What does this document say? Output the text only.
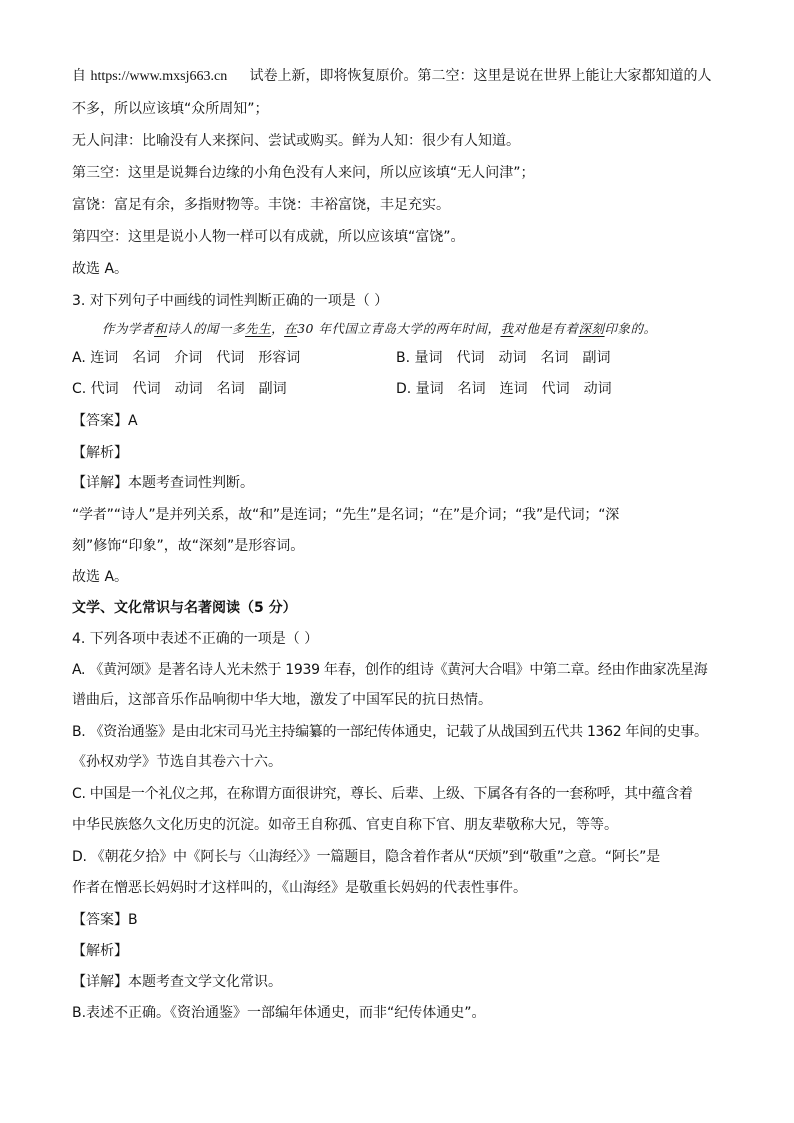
自 https://www.mxsj663.cn     试卷上新，即将恢复原价。第二空：这里是说在世界上能让大家都知道的人
不多，所以应该填“众所周知”；
无人问津：比喻没有人来探问、尝试或购买。鲜为人知：很少有人知道。
第三空：这里是说舞台边缘的小角色没有人来问，所以应该填“无人问津”；
富饶：富足有余，多指财物等。丰饶：丰裕富饶，丰足充实。
第四空：这里是说小人物一样可以有成就，所以应该填“富饶”。
故选 A。
3. 对下列句子中画线的词性判断正确的一项是（ ）
作为学者和诗人的闻一多先生，在30 年代国立青岛大学的两年时间，我对他是有着深刻印象的。
A. 连词　名词　介词　代词　形容词	B. 量词　代词　动词　名词　副词
C. 代词　代词　动词　名词　副词	D. 量词　名词　连词　代词　动词
【答案】A
【解析】
【详解】本题考查词性判断。
“学者”“诗人”是并列关系，故“和”是连词；“先生”是名词；“在”是介词；“我”是代词；“深
刻”修饰“印象”，故“深刻”是形容词。
故选 A。
文学、文化常识与名著阅读（5 分）
4. 下列各项中表述不正确的一项是（ ）
A. 《黄河颂》是著名诗人光未然于 1939 年春，创作的组诗《黄河大合唱》中第二章。经由作曲家冼星海
谱曲后，这部音乐作品响彻中华大地，激发了中国军民的抗日热情。
B. 《资治通鉴》是由北宋司马光主持编纂的一部纪传体通史，记载了从战国到五代共 1362 年间的史事。
《孙权劝学》节选自其卷六十六。
C. 中国是一个礼仪之邦，在称谓方面很讲究，尊长、后辈、上级、下属各有各的一套称呼，其中蕴含着
中华民族悠久文化历史的沉淀。如帝王自称孤、官吏自称下官、朋友辈敬称大兄，等等。
D. 《朝花夕拾》中《阿长与〈山海经〉》一篇题目，隐含着作者从“厌烦”到“敬重”之意。“阿长”是
作者在憎恶长妈妈时才这样叫的，《山海经》是敬重长妈妈的代表性事件。
【答案】B
【解析】
【详解】本题考查文学文化常识。
B.表述不正确。《资治通鉴》一部编年体通史，而非“纪传体通史”。
